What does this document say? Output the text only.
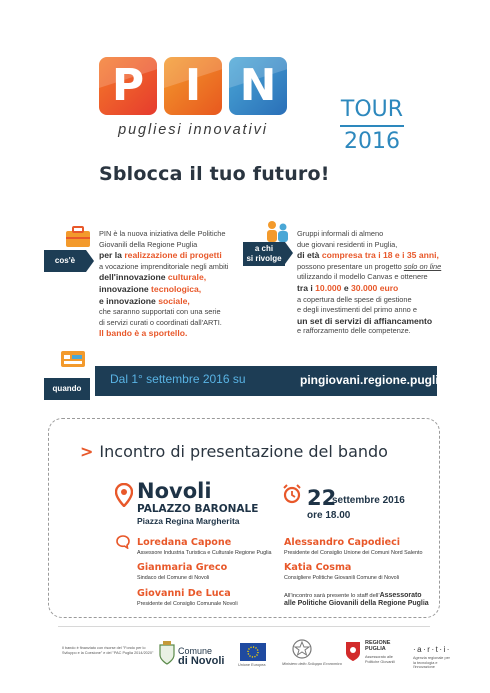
P I N
pugliesi innovativi
TOUR
2016
Sblocca il tuo futuro!
cos'è
PIN è la nuova iniziativa delle Politiche
Giovanili della Regione Puglia
per la realizzazione di progetti
a vocazione imprenditoriale negli ambiti
dell'innovazione culturale,
innovazione tecnologica,
e innovazione sociale,
che saranno supportati con una serie
di servizi curati o coordinati dall'ARTI.
Il bando è a sportello.
a chi
si rivolge
Gruppi informali di almeno
due giovani residenti in Puglia,
di età compresa tra i 18 e i 35 anni,
possono presentare un progetto solo on line
utilizzando il modello Canvas e ottenere
tra i 10.000 e 30.000 euro
a copertura delle spese di gestione
e degli investimenti del primo anno e
un set di servizi di affiancamento
e rafforzamento delle competenze.
quando
Dal 1° settembre 2016 su	pingiovani.regione.puglia.it
> Incontro di presentazione del bando
Novoli
PALAZZO BARONALE
Piazza Regina Margherita
22
settembre 2016
ore 18.00
Loredana Capone
Assessore Industria Turistica e Culturale Regione Puglia
Gianmaria Greco
Sindaco del Comune di Novoli
Giovanni De Luca
Presidente del Consiglio Comunale Novoli
Alessandro Capodieci
Presidente del Consiglio Unione dei Comuni Nord Salento
Katia Cosma
Consigliere Politiche Giovanili Comune di Novoli
All'incontro sarà presente lo staff dell'Assessorato alle Politiche Giovanili della Regione Puglia
Il bando è finanziato con risorse del "Fondo per lo Sviluppo e la Coesione" e del "PAC Puglia 2014/2020"	Comune
di Novoli	Unione Europea	Ministero dello Sviluppo Economico
REGIONE
PUGLIA
Assessorato alle Politiche Giovanili
·a·r·t·i·
Agenzia regionale per la tecnologia e l'innovazione
